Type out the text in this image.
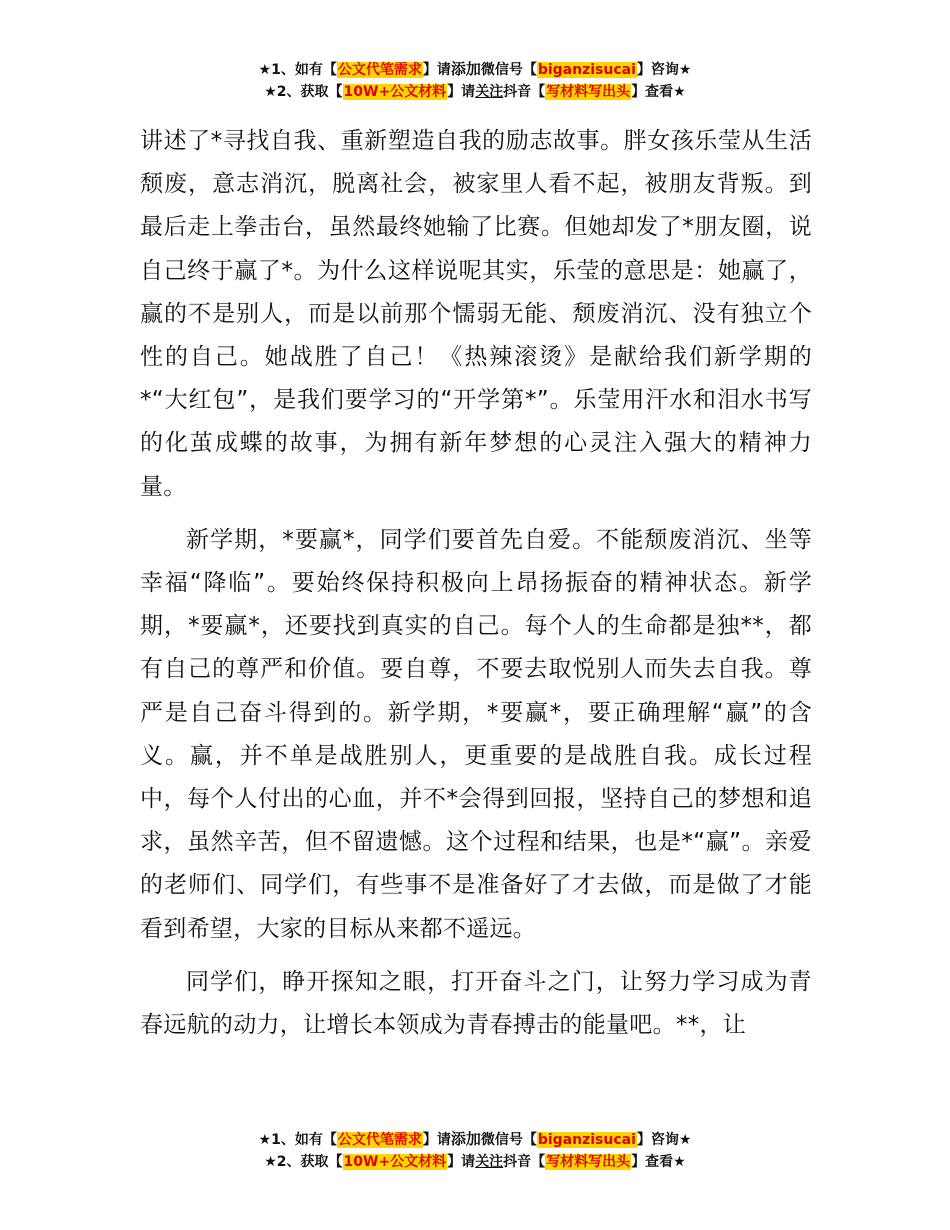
★1、如有【公文代笔需求】请添加微信号【biganzisucai】咨询★
★2、获取【10W+公文材料】请关注抖音【写材料写出头】查看★

讲述了*寻找自我、重新塑造自我的励志故事。胖女孩乐莹从生活颓废，意志消沉，脱离社会，被家里人看不起，被朋友背叛。到最后走上拳击台，虽然最终她输了比赛。但她却发了*朋友圈，说自己终于赢了*。为什么这样说呢其实，乐莹的意思是：她赢了，赢的不是别人，而是以前那个懦弱无能、颓废消沉、没有独立个性的自己。她战胜了自己！《热辣滚烫》是献给我们新学期的*“大红包”，是我们要学习的“开学第*”。乐莹用汗水和泪水书写的化茧成蝶的故事，为拥有新年梦想的心灵注入强大的精神力量。

新学期，*要赢*，同学们要首先自爱。不能颓废消沉、坐等幸福“降临”。要始终保持积极向上昂扬振奋的精神状态。新学期，*要赢*，还要找到真实的自己。每个人的生命都是独**，都有自己的尊严和价值。要自尊，不要去取悦别人而失去自我。尊严是自己奋斗得到的。新学期，*要赢*，要正确理解“赢”的含义。赢，并不单是战胜别人，更重要的是战胜自我。成长过程中，每个人付出的心血，并不*会得到回报，坚持自己的梦想和追求，虽然辛苦，但不留遗憾。这个过程和结果，也是*“赢”。亲爱的老师们、同学们，有些事不是准备好了才去做，而是做了才能看到希望，大家的目标从来都不遥远。

同学们，睁开探知之眼，打开奋斗之门，让努力学习成为青春远航的动力，让增长本领成为青春搏击的能量吧。**，让

★1、如有【公文代笔需求】请添加微信号【biganzisucai】咨询★
★2、获取【10W+公文材料】请关注抖音【写材料写出头】查看★
